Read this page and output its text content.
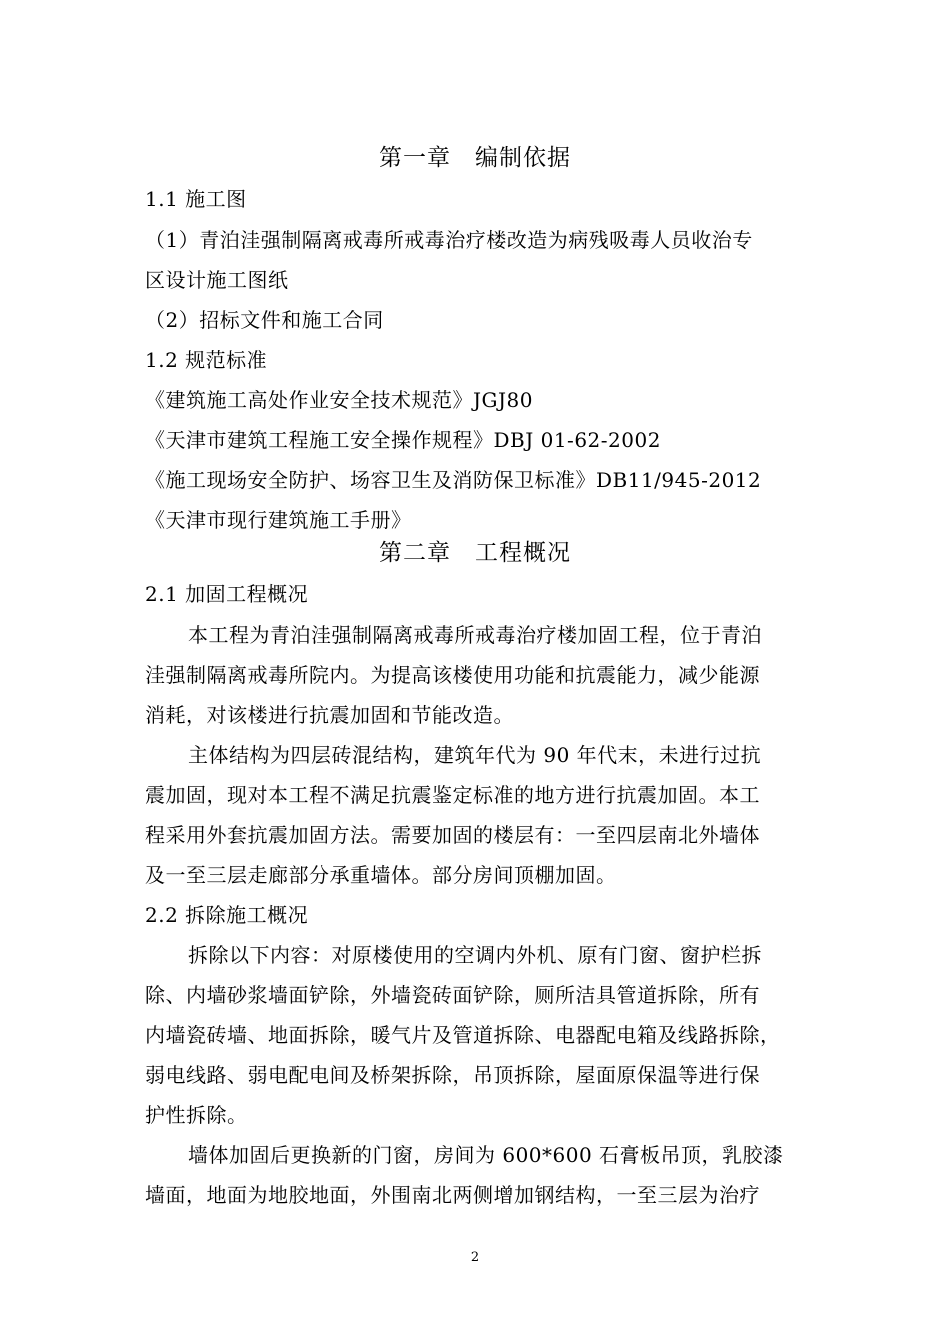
第一章　编制依据
1.1 施工图
（1）青泊洼强制隔离戒毒所戒毒治疗楼改造为病残吸毒人员收治专
区设计施工图纸
（2）招标文件和施工合同
1.2 规范标准
《建筑施工高处作业安全技术规范》JGJ80
《天津市建筑工程施工安全操作规程》DBJ 01-62-2002
《施工现场安全防护、场容卫生及消防保卫标准》DB11/945-2012
《天津市现行建筑施工手册》
第二章　工程概况
2.1 加固工程概况
本工程为青泊洼强制隔离戒毒所戒毒治疗楼加固工程，位于青泊
洼强制隔离戒毒所院内。为提高该楼使用功能和抗震能力，减少能源
消耗，对该楼进行抗震加固和节能改造。
主体结构为四层砖混结构，建筑年代为 90 年代末，未进行过抗
震加固，现对本工程不满足抗震鉴定标准的地方进行抗震加固。本工
程采用外套抗震加固方法。需要加固的楼层有：一至四层南北外墙体
及一至三层走廊部分承重墙体。部分房间顶棚加固。
2.2 拆除施工概况
拆除以下内容：对原楼使用的空调内外机、原有门窗、窗护栏拆
除、内墙砂浆墙面铲除，外墙瓷砖面铲除，厕所洁具管道拆除，所有
内墙瓷砖墙、地面拆除，暖气片及管道拆除、电器配电箱及线路拆除，
弱电线路、弱电配电间及桥架拆除，吊顶拆除，屋面原保温等进行保
护性拆除。
墙体加固后更换新的门窗，房间为 600*600 石膏板吊顶，乳胶漆
墙面，地面为地胶地面，外围南北两侧增加钢结构，一至三层为治疗
2
